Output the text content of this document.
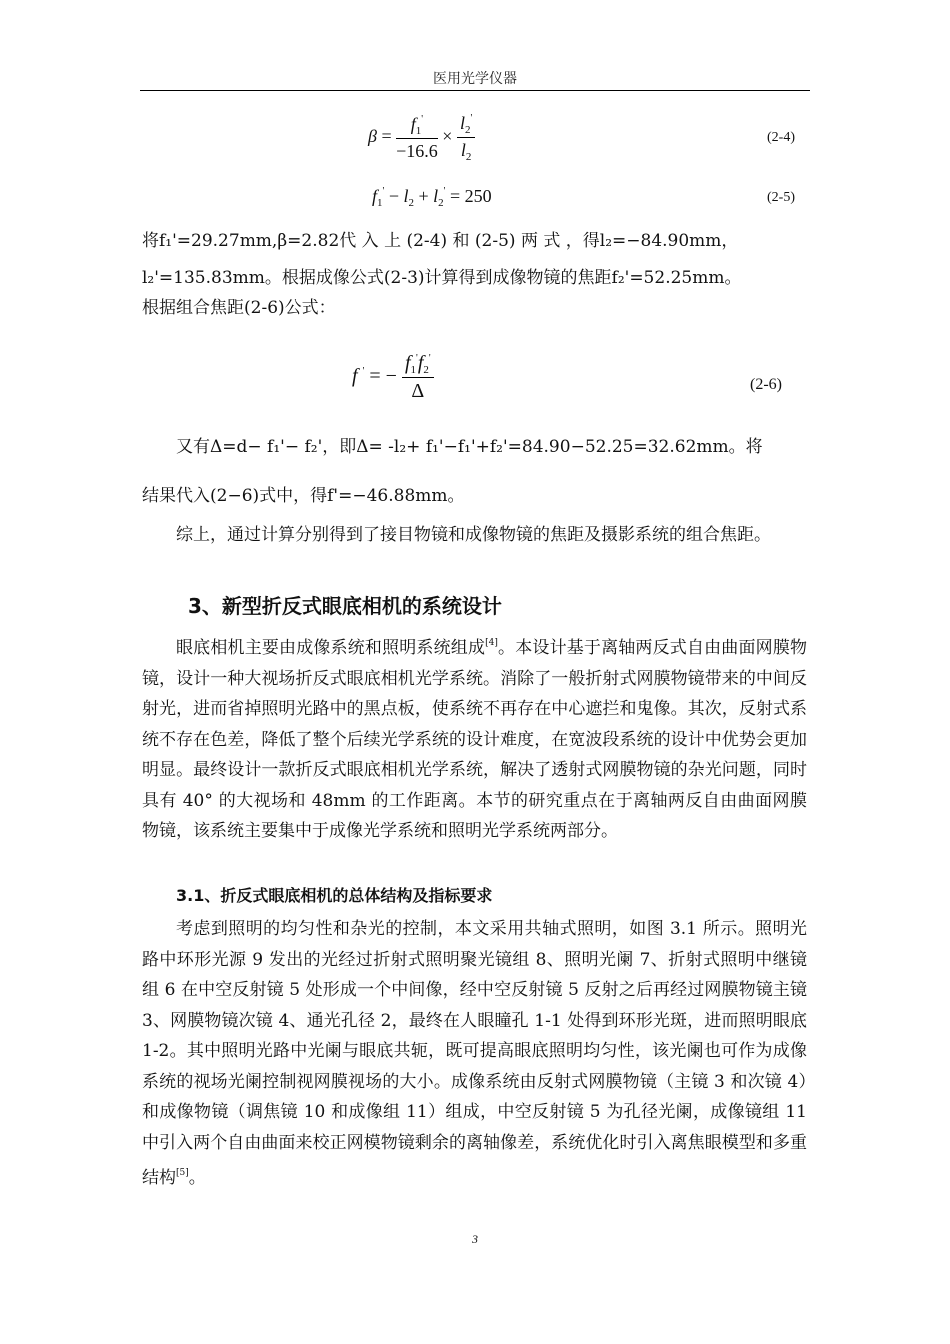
医用光学仪器
$\beta = \frac{f_1'}{-16.6} \times \frac{l_2'}{l_2}$	(2-4)
$f_1' - l_2 + l_2' = 250$	(2-5)

将f₁'=29.27mm,β=2.82代 入 上 (2-4) 和 (2-5) 两 式 ，得l₂=−84.90mm，

l₂'=135.83mm。根据成像公式(2-3)计算得到成像物镜的焦距f₂'=52.25mm。

根据组合焦距(2-6)公式：

f ' = − $\frac{f_1'f_2'}{\Delta}$	(2-6)

又有Δ=d− f₁'− f₂'，即Δ= -l₂+ f₁'−f₁'+f₂'=84.90−52.25=32.62mm。将

结果代入(2−6)式中，得f'=−46.88mm。

综上，通过计算分别得到了接目物镜和成像物镜的焦距及摄影系统的组合焦距。

3、新型折反式眼底相机的系统设计

眼底相机主要由成像系统和照明系统组成[4]。本设计基于离轴两反式自由曲面网膜物镜，设计一种大视场折反式眼底相机光学系统。消除了一般折射式网膜物镜带来的中间反射光，进而省掉照明光路中的黑点板，使系统不再存在中心遮拦和鬼像。其次，反射式系统不存在色差，降低了整个后续光学系统的设计难度，在宽波段系统的设计中优势会更加明显。最终设计一款折反式眼底相机光学系统，解决了透射式网膜物镜的杂光问题，同时具有 40° 的大视场和 48mm 的工作距离。本节的研究重点在于离轴两反自由曲面网膜物镜，该系统主要集中于成像光学系统和照明光学系统两部分。

3.1、折反式眼底相机的总体结构及指标要求

考虑到照明的均匀性和杂光的控制，本文采用共轴式照明，如图 3.1 所示。照明光路中环形光源 9 发出的光经过折射式照明聚光镜组 8、照明光阑 7、折射式照明中继镜组 6 在中空反射镜 5 处形成一个中间像，经中空反射镜 5 反射之后再经过网膜物镜主镜 3、网膜物镜次镜 4、通光孔径 2，最终在人眼瞳孔 1-1 处得到环形光斑，进而照明眼底 1-2。其中照明光路中光阑与眼底共轭，既可提高眼底照明均匀性，该光阑也可作为成像系统的视场光阑控制视网膜视场的大小。成像系统由反射式网膜物镜（主镜 3 和次镜 4）和成像物镜（调焦镜 10 和成像组 11）组成，中空反射镜 5 为孔径光阑，成像镜组 11 中引入两个自由曲面来校正网模物镜剩余的离轴像差，系统优化时引入离焦眼模型和多重结构[5]。

3
